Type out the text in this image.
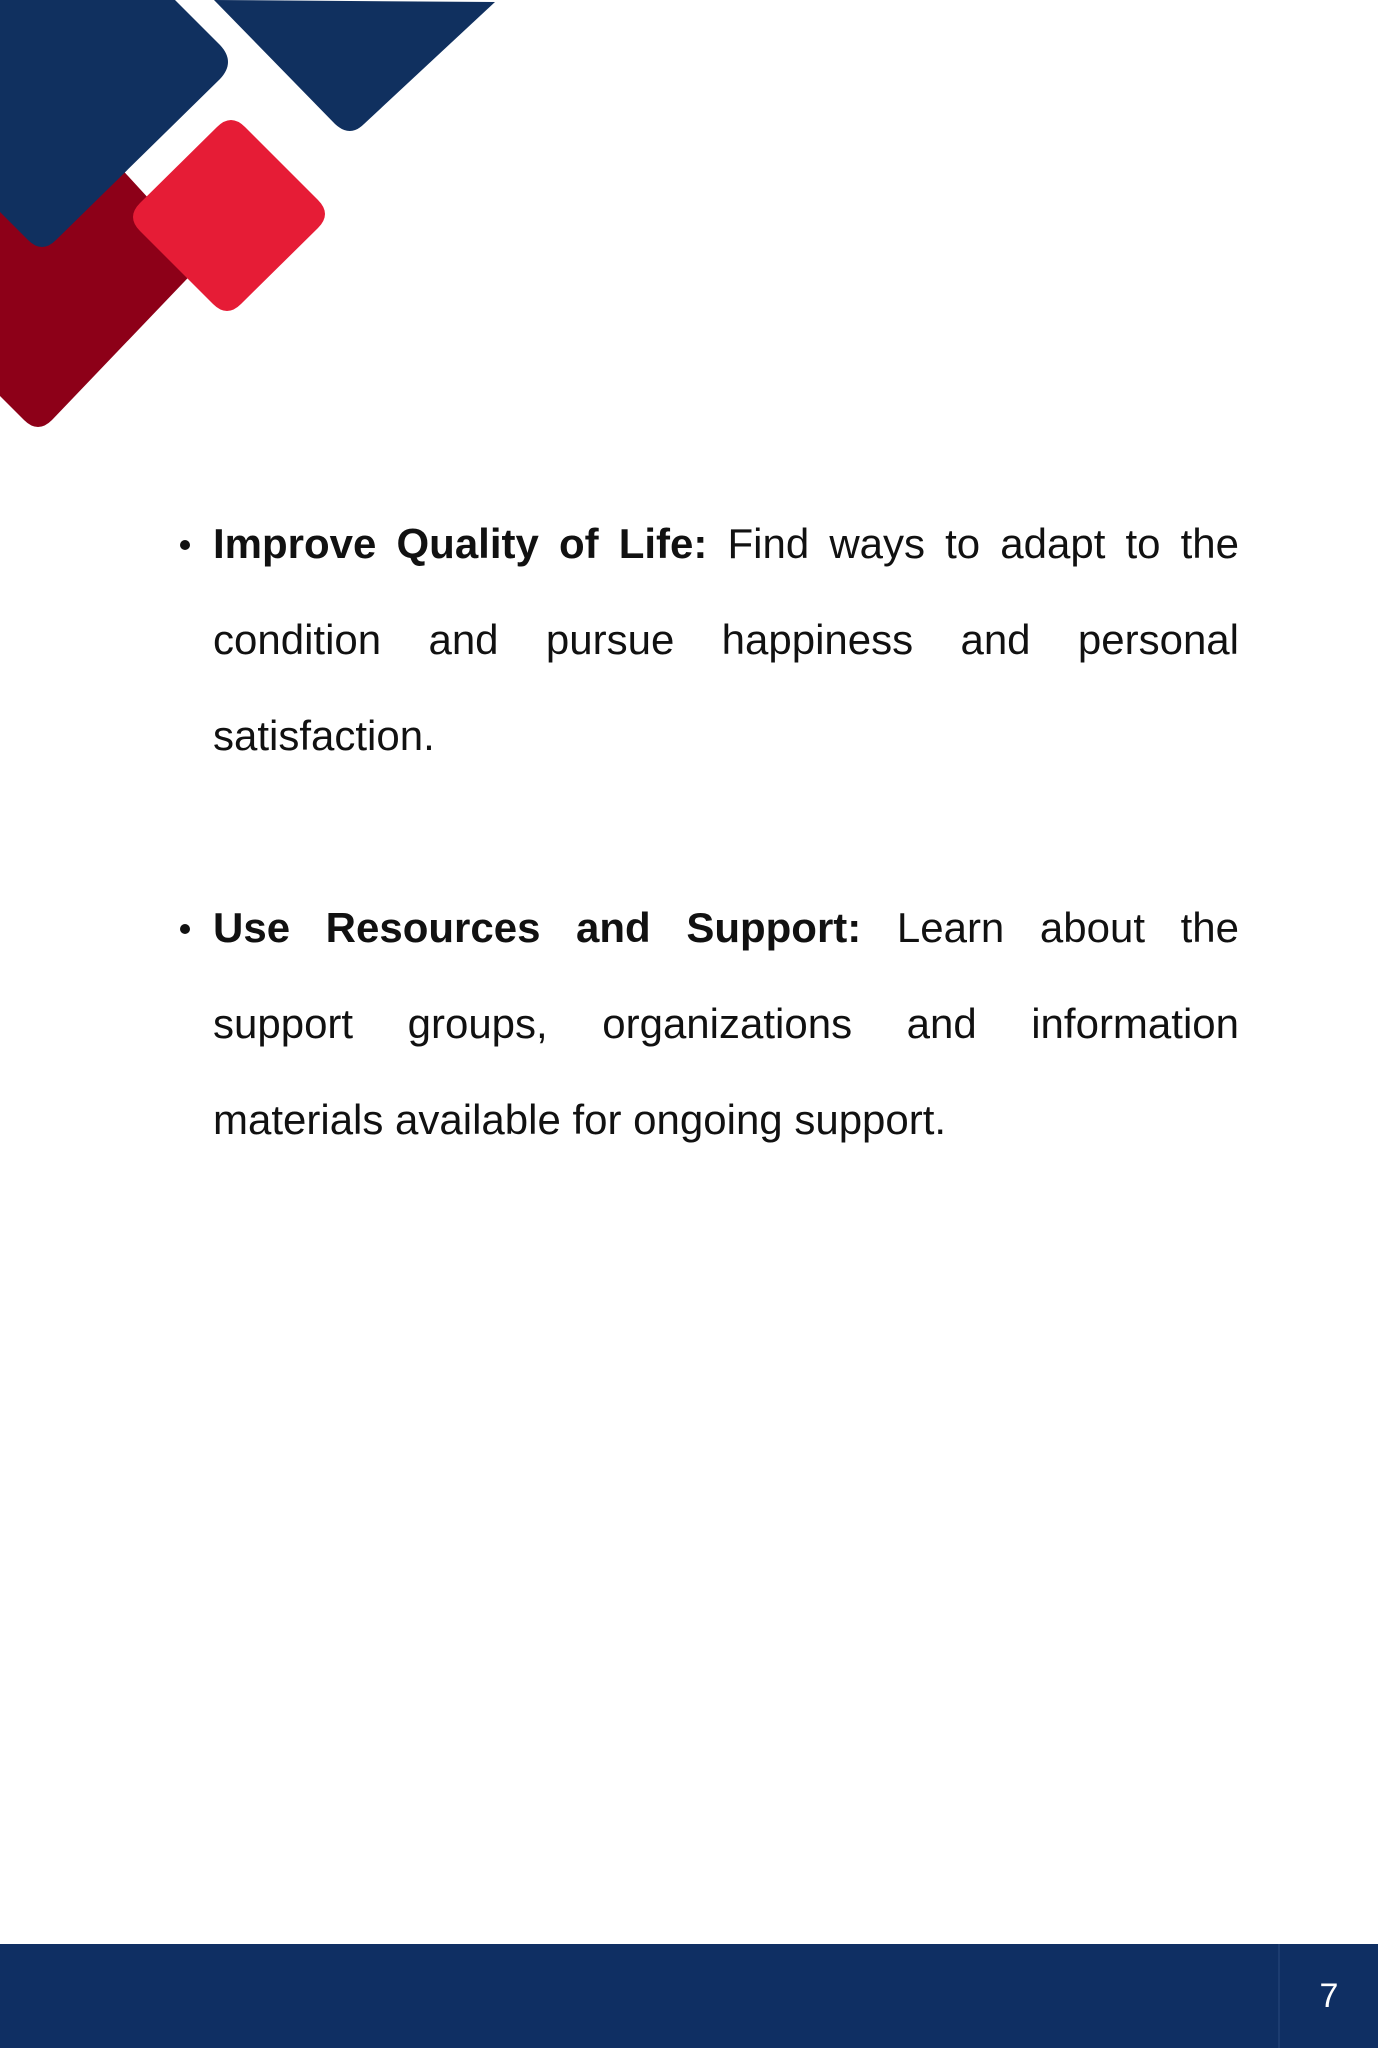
Improve Quality of Life: Find ways to adapt to the condition and pursue happiness and personal satisfaction.

Use Resources and Support: Learn about the support groups, organizations and information materials available for ongoing support.

7
